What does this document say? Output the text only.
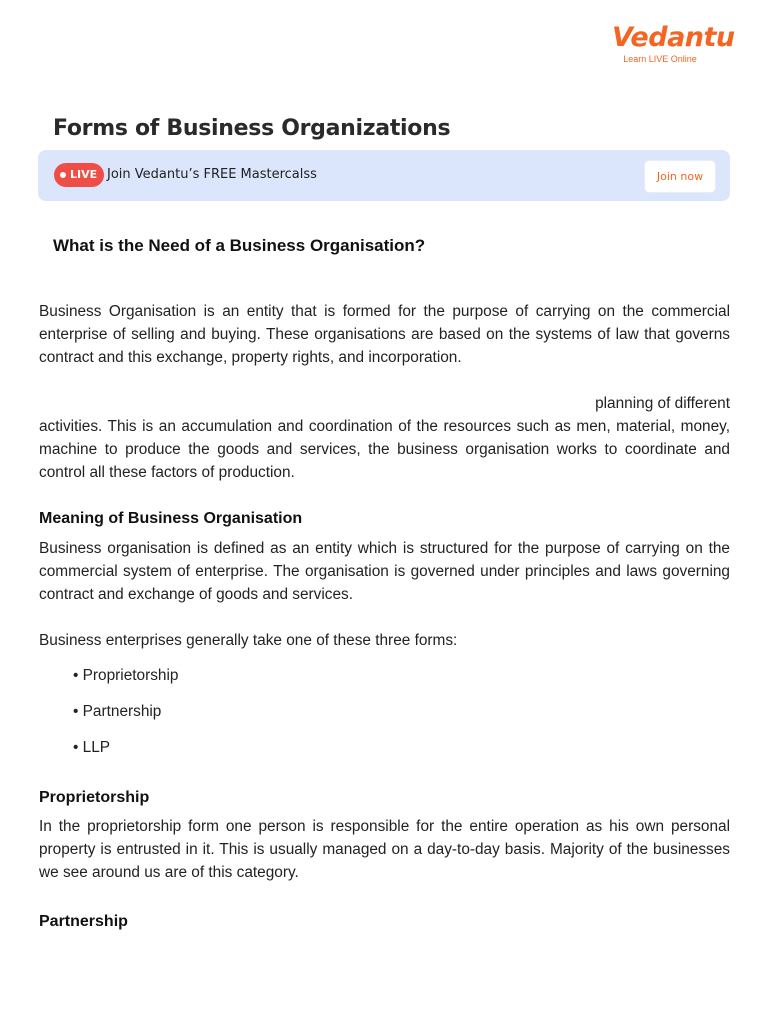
Vedantu
Learn LIVE Online
Forms of Business Organizations
LIVE Join Vedantu’s FREE Mastercalss	Join now
What is the Need of a Business Organisation?
Business Organisation is an entity that is formed for the purpose of carrying on the commercial enterprise of selling and buying. These organisations are based on the systems of law that governs contract and this exchange, property rights, and incorporation.
planning of different
activities. This is an accumulation and coordination of the resources such as men, material, money, machine to produce the goods and services, the business organisation works to coordinate and control all these factors of production.
Meaning of Business Organisation
Business organisation is defined as an entity which is structured for the purpose of carrying on the commercial system of enterprise. The organisation is governed under principles and laws governing contract and exchange of goods and services.
Business enterprises generally take one of these three forms:
• Proprietorship
• Partnership
• LLP
Proprietorship
In the proprietorship form one person is responsible for the entire operation as his own personal property is entrusted in it. This is usually managed on a day-to-day basis. Majority of the businesses we see around us are of this category.
Partnership
